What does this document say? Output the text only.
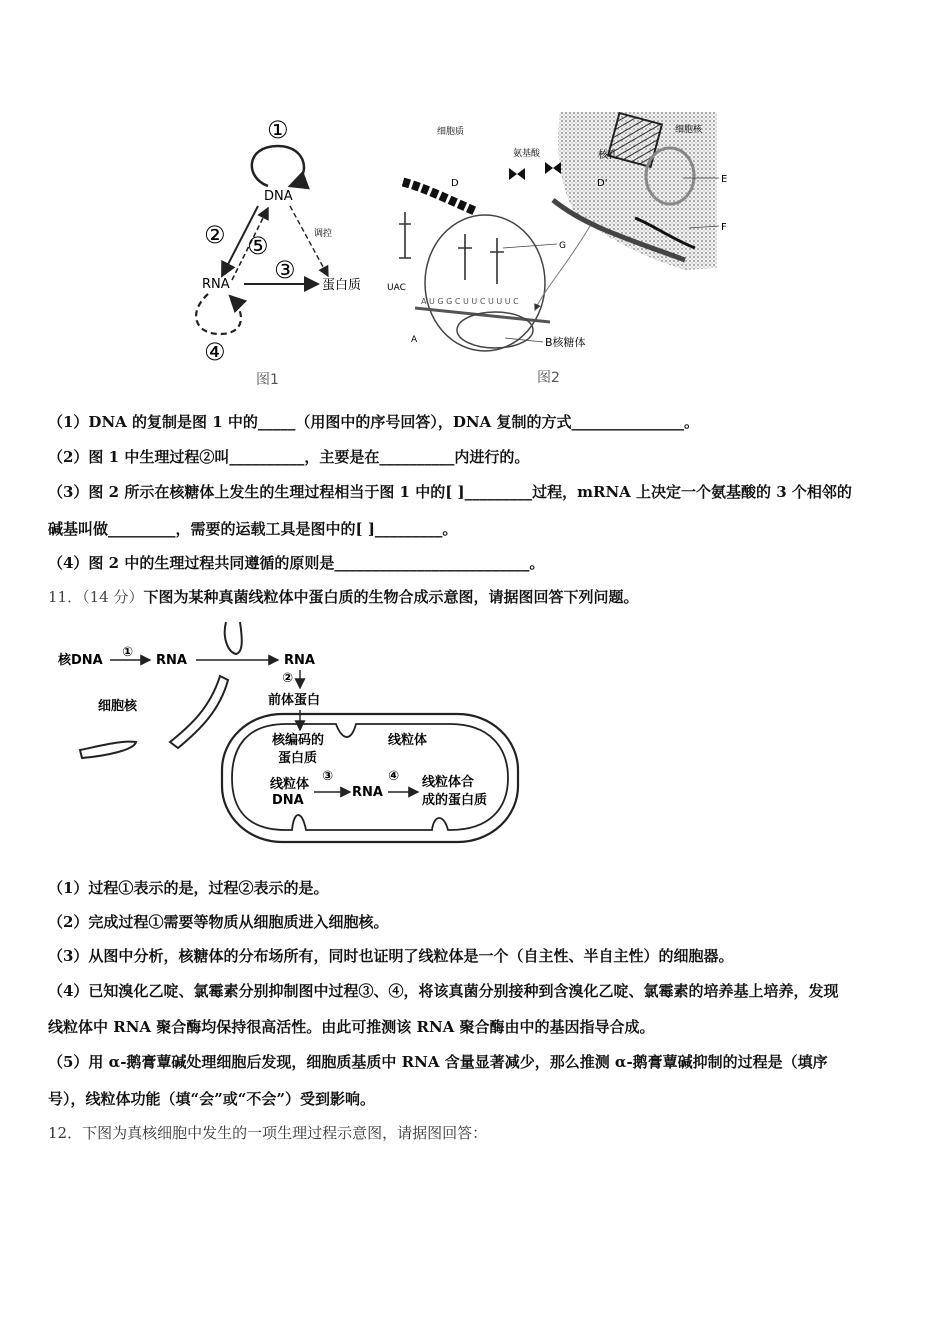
①
DNA
调控
② ⑤
③
RNA	蛋白质
④
图1
细胞核
核孔
D'	E
F
细胞质
氨基酸
D
G
UAC
A U G G C U U C U U U C
A	B核糖体
图2
（1）DNA 的复制是图 1 中的_____（用图中的序号回答），DNA 复制的方式_______________。
（2）图 1 中生理过程②叫__________，主要是在__________内进行的。
（3）图 2 所示在核糖体上发生的生理过程相当于图 1 中的[ ]_________过程，mRNA 上决定一个氨基酸的 3 个相邻的
碱基叫做_________，需要的运载工具是图中的[ ]_________。
（4）图 2 中的生理过程共同遵循的原则是__________________________。
11．（14 分）下图为某种真菌线粒体中蛋白质的生物合成示意图，请据图回答下列问题。
核DNA
①
RNA	RNA
②
前体蛋白
细胞核
核编码的
蛋白质
线粒体
线粒体
DNA
③
RNA
④ 线粒体合
成的蛋白质
（1）过程①表示的是，过程②表示的是。
（2）完成过程①需要等物质从细胞质进入细胞核。
（3）从图中分析，核糖体的分布场所有，同时也证明了线粒体是一个（自主性、半自主性）的细胞器。
（4）已知溴化乙啶、氯霉素分别抑制图中过程③、④，将该真菌分别接种到含溴化乙啶、氯霉素的培养基上培养，发现
线粒体中 RNA 聚合酶均保持很高活性。由此可推测该 RNA 聚合酶由中的基因指导合成。
（5）用 α-鹅膏蕈碱处理细胞后发现，细胞质基质中 RNA 含量显著减少，那么推测 α-鹅膏蕈碱抑制的过程是（填序
号），线粒体功能（填“会”或“不会”）受到影响。
12．下图为真核细胞中发生的一项生理过程示意图，请据图回答：
